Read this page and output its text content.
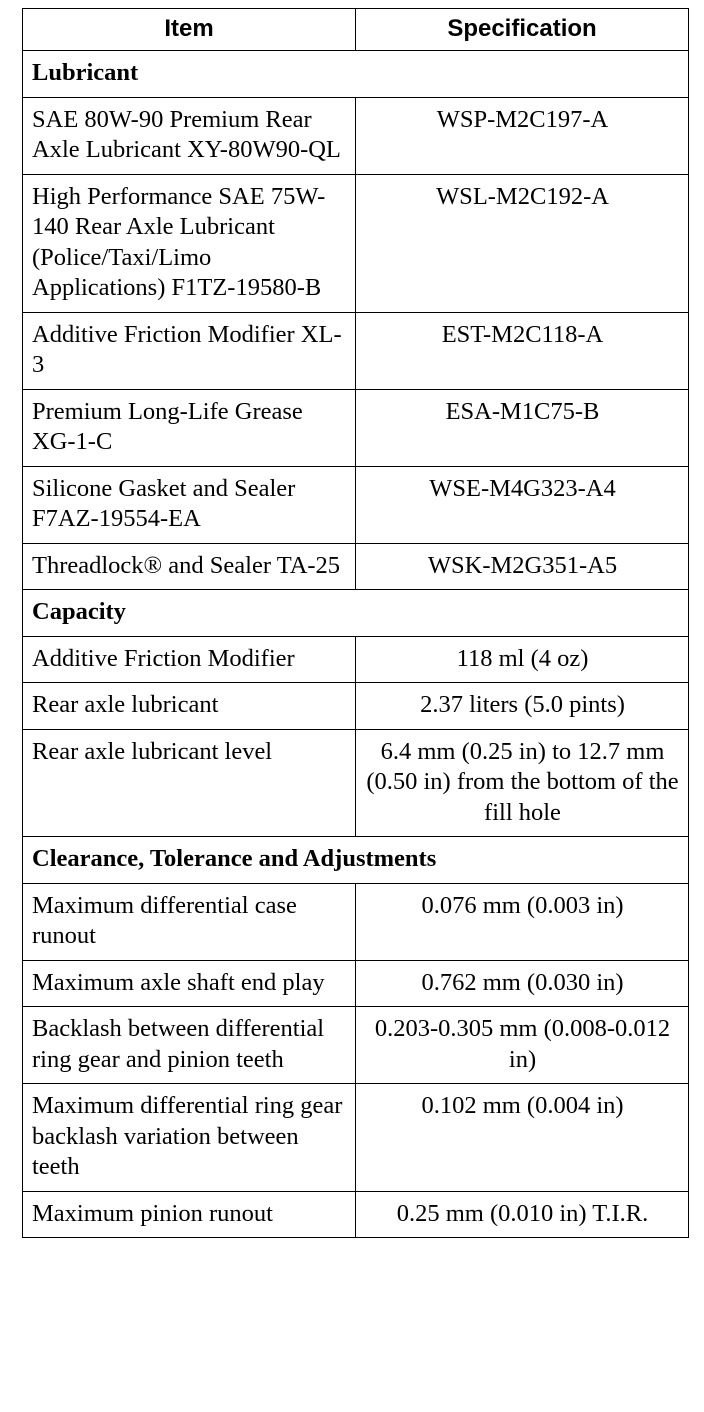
Item	Specification
Lubricant	
SAE 80W-90 Premium Rear Axle Lubricant XY-80W90-QL	WSP-M2C197-A
High Performance SAE 75W-140 Rear Axle Lubricant (Police/Taxi/Limo Applications) F1TZ-19580-B	WSL-M2C192-A
Additive Friction Modifier XL-3	EST-M2C118-A
Premium Long-Life Grease XG-1-C	ESA-M1C75-B
Silicone Gasket and Sealer F7AZ-19554-EA	WSE-M4G323-A4
Threadlock® and Sealer TA-25	WSK-M2G351-A5
Capacity	
Additive Friction Modifier	118 ml (4 oz)
Rear axle lubricant	2.37 liters (5.0 pints)
Rear axle lubricant level	6.4 mm (0.25 in) to 12.7 mm (0.50 in) from the bottom of the fill hole
Clearance, Tolerance and Adjustments	
Maximum differential case runout	0.076 mm (0.003 in)
Maximum axle shaft end play	0.762 mm (0.030 in)
Backlash between differential ring gear and pinion teeth	0.203-0.305 mm (0.008-0.012 in)
Maximum differential ring gear backlash variation between teeth	0.102 mm (0.004 in)
Maximum pinion runout	0.25 mm (0.010 in) T.I.R.
